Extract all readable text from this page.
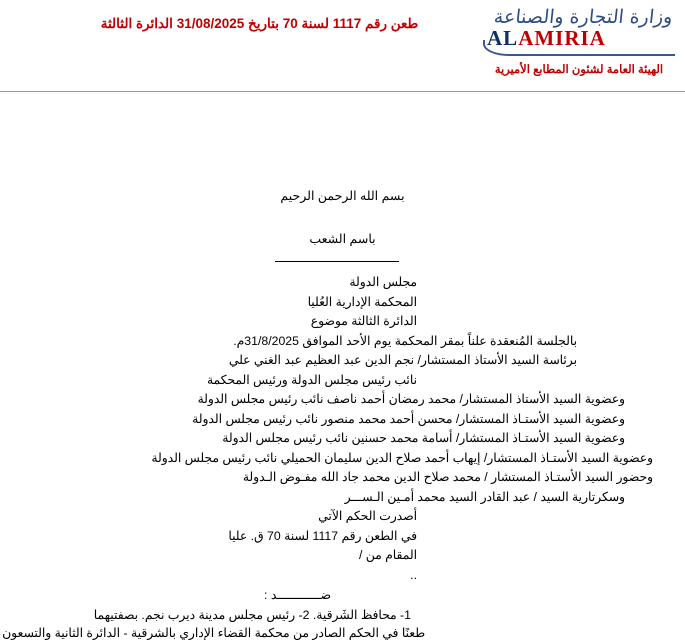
طعن رقم 1117 لسنة 70 بتاريخ 31/08/2025 الدائرة الثالثة	وزارة التجارة والصناعة
ALAMIRIA
الهيئة العامة لشئون المطابع الأميرية
بسم الله الرحمن الرحيم
باسم الشعب

مجلس الدولة

المحكمة الإدارية العُليا

الدائرة الثالثة موضوع

بالجلسة المُنعقدة علناً بمقر المحكمة يوم الأحد الموافق 31/8/2025م.

برئاسة السيد الأستاذ المستشار/ نجم الدين عبد العظيم عبد الغني علي

نائب رئيس مجلس الدولة ورئيس المحكمة

وعضوية السيد الأستاذ المستشار/ محمد رمضان أحمد ناصف نائب رئيس مجلس الدولة

وعضوية السيد الأستـاذ المستشار/ محسن أحمد محمد منصور نائب رئيس مجلس الدولة

وعضوية السيد الأستـاذ المستشار/ أسامة محمد حسنين نائب رئيس مجلس الدولة

وعضوية السيد الأستـاذ المستشار/ إيهاب أحمد صلاح الدين سليمان الحميلي نائب رئيس مجلس الدولة

وحضور السيد الأستـاذ المستشار / محمد صلاح الدين محمد جاد الله مفـوض الـدولة

وسكرتارية السيد / عبد القادر السيد محمد أمـين الـســـر

أصدرت الحكم الآتي

في الطعن رقم 1117 لسنة 70 ق. عليا

المقام من /

..

ضــــــــــــد :

1- محافظ الشَرقية. 2- رئيس مجلس مدينة ديرب نجم. بصفتيهما

طعنًا في الحكم الصادر من محكمة القضاء الإداري بالشرقية - الدائرة الثانية والتسعون
